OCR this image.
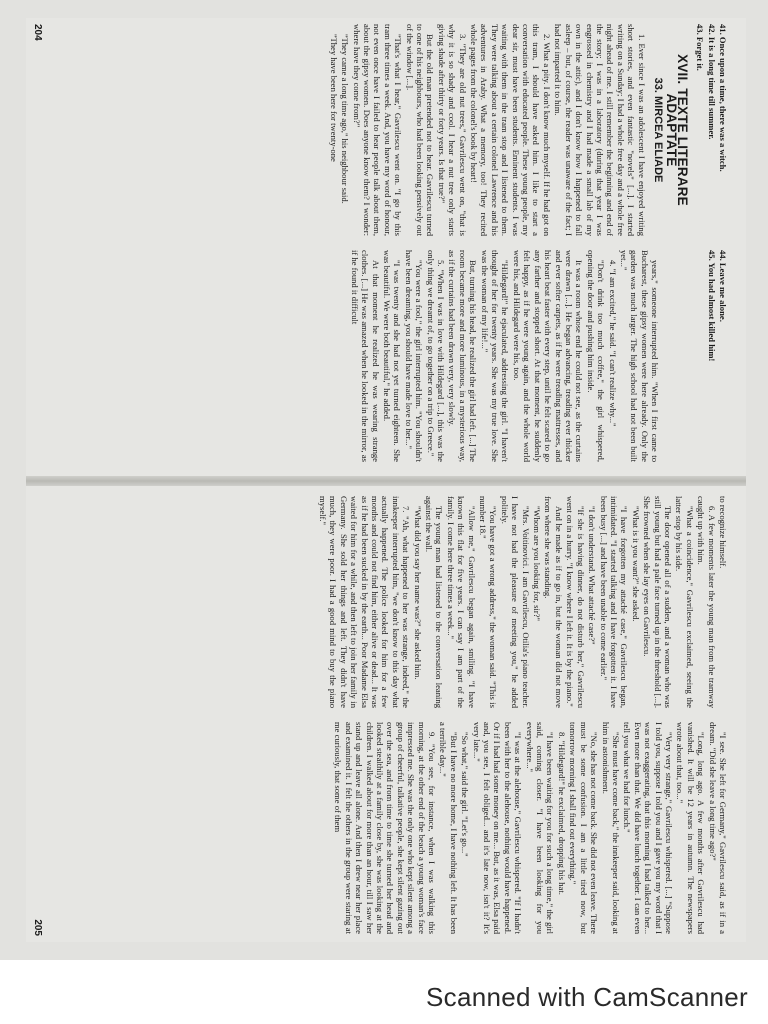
41. Once upon a time, there was a witch.

42. It is a long time till summer.

43. Forget it.

XVII. TEXTE LITERARE ADAPTATE
33. MIRCEA ELIADE

1. Ever since I was an adolescent I have enjoyed writing short stories, and even fantastic "novels" [...]. I started writing on a Sunday; I had a whole free day and a whole free night ahead of me. I still remember the beginning and end of the story; I was in a laboratory (during that year I was engrossed in chemistry and I had made a small lab of my own in the attic), and I don't know how I happened to fall asleep – but, of course, the reader was unaware of the fact; I had not imparted it to him.

2. What a pity. I don't know much myself. If he had got on this tram, I should have asked him. I like to start a conversation with educated people. These young people, my dear sir, must have been students. Eminent students. I was waiting with them in the tram stop and I listened to them. They were talking about a certain colonel Lawrence and his adventures in Araby. What a memory, too! They recited whole pages from the colonel's book by heart!

3. "They are old nut trees," Gavrilescu went on, "that is why it is so shady and cool. I hear a nut tree only starts giving shade after thirty or forty years. Is that true?"

But the old man pretended not to hear. Gavrilescu turned to one of his neighbours, who had been looking pensively out of the window [...].

"That's what I hear," Gavrilescu went on. "I go by this tram three times a week. And, you have my word of honour, not even once have I failed to hear people talk about them, about the gipsy women. Does anyone know them? I wonder: where have they come from?"

"They came a long time ago," his neighbour said.

"They have been here for twenty-one

44. Leave me alone.

45. You had almost killed him!

years," someone interrupted him. "When I first came to Bucharest, these gipsy women were here already. Only the garden was much larger. The high school had not been built yet..."

4. "I am excited," he said. "I can't realize why..."

"Don't drink too much coffee," the girl whispered, opening the door and pushing him inside.

It was a room whose end he could not see, as the curtains were drawn [...]. He began advancing, treading ever thicker and ever softer carpets, as if he were treading mattresses, and his heart beat faster with every step, until he felt scared to go any farther and stopped short. At that moment, he suddenly felt happy, as if he were young again, and the whole world were his, and Hildegard were his, too.

"Hildegard!" he ejaculated, addressing the girl. "I haven't thought of her for twenty years. She was my true love. She was the woman of my life!..."

But, turning his head, he realized the girl had left. [...] The room became more and more luminous, in a mysterious way, as if the curtains had been drawn very, very slowly.

5. "When I was in love with Hildegard [...], this was the only thing we dreamt of, to go together on a trip to Greece."

"You were a fool," the girl interrupted him. "You shouldn't have been dreaming, you should have made love to her..."

"I was twenty and she had not yet turned eighteen. She was beautiful. We were both beautiful," he added.

At that moment he realized he was wearing strange clothes. [...] He was amazed when he looked in the mirror, as if he found it difficult

204

to recognize himself.

6. A few moments later the young man from the tramway caught up with him.

"What a coincidence," Gavrilescu exclaimed, seeing the latter stop by his side.

The door opened all of a sudden, and a woman who was still young but had a pale face turned up in the threshold [...]. She frowned when she lay eyes on Gavrilescu.

"What is it you want?" she asked.

"I have forgotten my attaché case," Gavrilescu began, intimidated. "I started talking and I have forgotten it. I have been busy [...] and have been unable to come earlier."

"I don't understand. What attaché case?"

"If she is having dinner, do not disturb her," Gavrilescu went on in a hurry. "I know where I left it. It is by the piano."

And he made as if to go in, but the woman did not move from where she was standing.

"Whom are you looking for, sir?"

"Mrs. Voitinovici. I am Gavrilescu, Otilia's piano teacher. I have not had the pleasure of meeting you," he added politely.

"You have got a wrong address," the woman said. "This is number 18."

"Allow me," Gavrilescu began again, smiling. "I have known this flat for five years. I can say I am part of the family. I come here three times a week..."

The young man had listened to the conversation leaning against the wall.

"What did you say her name was?" she asked him.

7. "Ah, what happened to her was strange, indeed," the innkeeper interrupted him, "we don't know to this day what actually happened. The police looked for him for a few months and could not find him, either alive or dead... It was as if he had been sucked in by the earth... Poor Madame Elsa waited for him for a while, and then left to join her family in Germany. She sold her things and left. They didn't have much, they were poor. I had a good mind to buy the piano myself."

"I see. She left for Germany," Gavrilescu said, as if in a dream. "Did she leave a long time ago?"

"Long, long ago. A few months after Gavrilescu had vanished. It will be 12 years in autumn. The newspapers wrote about that, too..."

"Very very strange," Gavrilescu whispered. [...] "Suppose I told you, suppose I told you and I gave you my word that I was not exaggerating, that this morning I had talked to her... Even more than that. We did have lunch together. I can even tell you what we had for lunch."

"She must have come back," the innkeeper said, looking at him in astonishment.

"No, she has not come back. She did not even leave. There must be some confusion. I am a little tired now, but tomorrow morning I shall find out everything."

8. "Hildegard!" he exclaimed, dropping his hat.

"I have been waiting for you for such a long time," the girl said, coming closer. "I have been looking for you everywhere..."

"I was at the alehouse," Gavrilescu whispered. "If I hadn't been with her to the alehouse, nothing would have happened. Or if I had had some money on me... But, as it was, Elsa paid and, you see, I felt obliged... and it's late now, isn't it? It's very late..."

"So what," said the girl. "Let's go..."

"But I have no more home, I have nothing left. It has been a terrible day..."

9. "You see, for instance, when I was walking this morning, at the other end of the beach a young woman's face impressed me. She was the only one who kept silent among a group of cheerful, talkative people, she kept silent gazing out over the sea, and from time to time she turned her head and looked stealthily at a family close by, she was looking at the children. I walked about for more than an hour, till I saw her stand up and leave all alone. And then I drew near her place and examined it. I felt the others in the group were staring at me curiously, that some of them

205
Scanned with CamScanner
